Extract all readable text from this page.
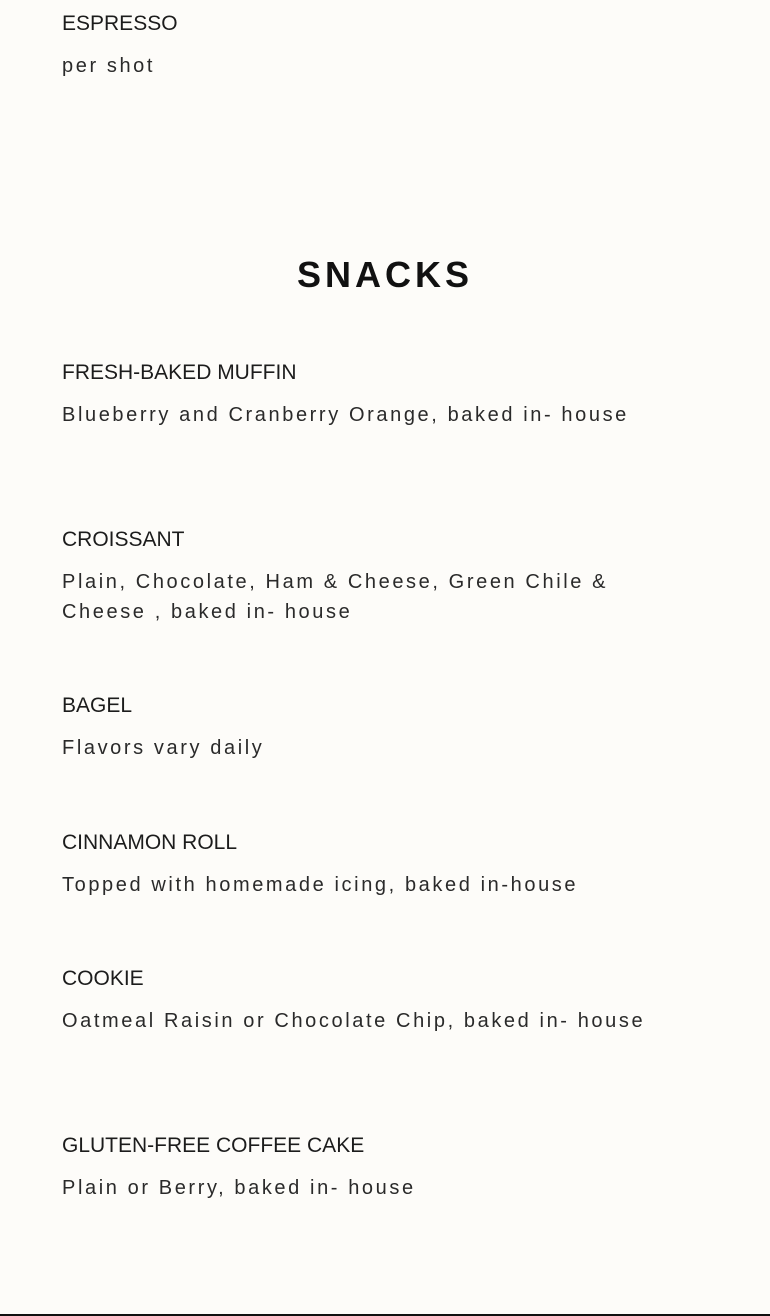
ESPRESSO
per shot
SNACKS
FRESH-BAKED MUFFIN
Blueberry and Cranberry Orange, baked in- house
CROISSANT
Plain, Chocolate, Ham & Cheese, Green Chile & Cheese , baked in- house
BAGEL
Flavors vary daily
CINNAMON ROLL
Topped with homemade icing, baked in-house
COOKIE
Oatmeal Raisin or Chocolate Chip, baked in- house
GLUTEN-FREE COFFEE CAKE
Plain or Berry, baked in- house
